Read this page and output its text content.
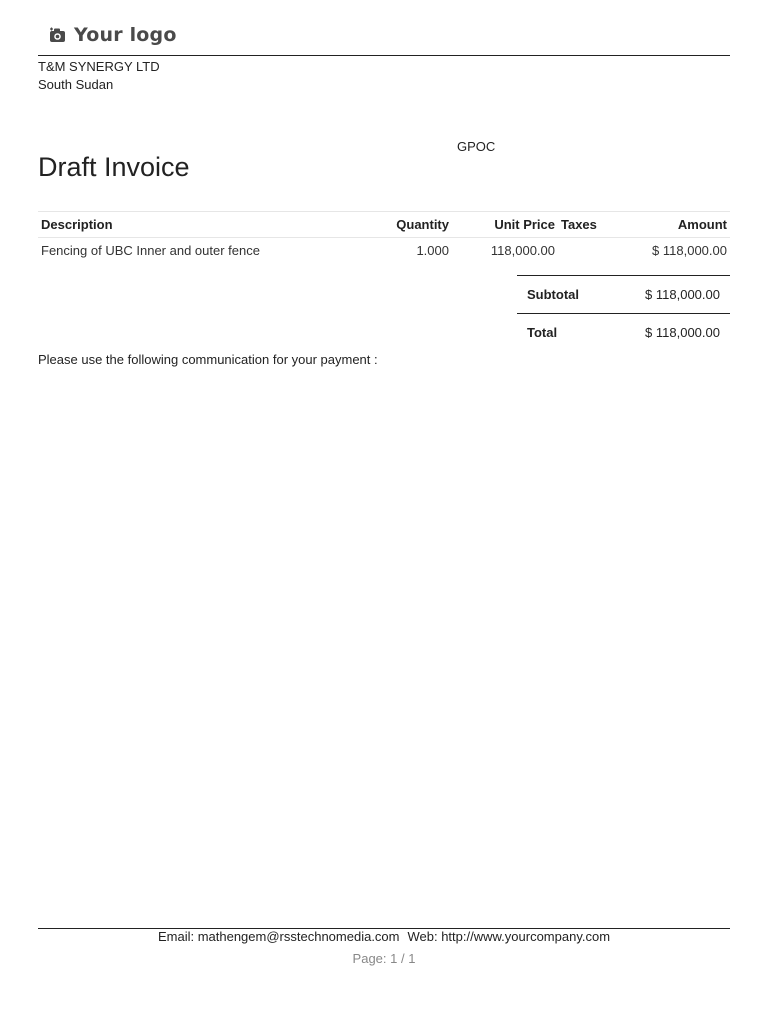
Your logo
T&M SYNERGY LTD
South Sudan
GPOC
Draft Invoice
Description	Quantity	Unit Price	Taxes	Amount
Fencing of UBC Inner and outer fence	1.000	118,000.00		$ 118,000.00
Subtotal	$ 118,000.00
Total	$ 118,000.00
Please use the following communication for your payment :
Email: mathengem@rsstechnomedia.com Web: http://www.yourcompany.com
Page: 1 / 1
